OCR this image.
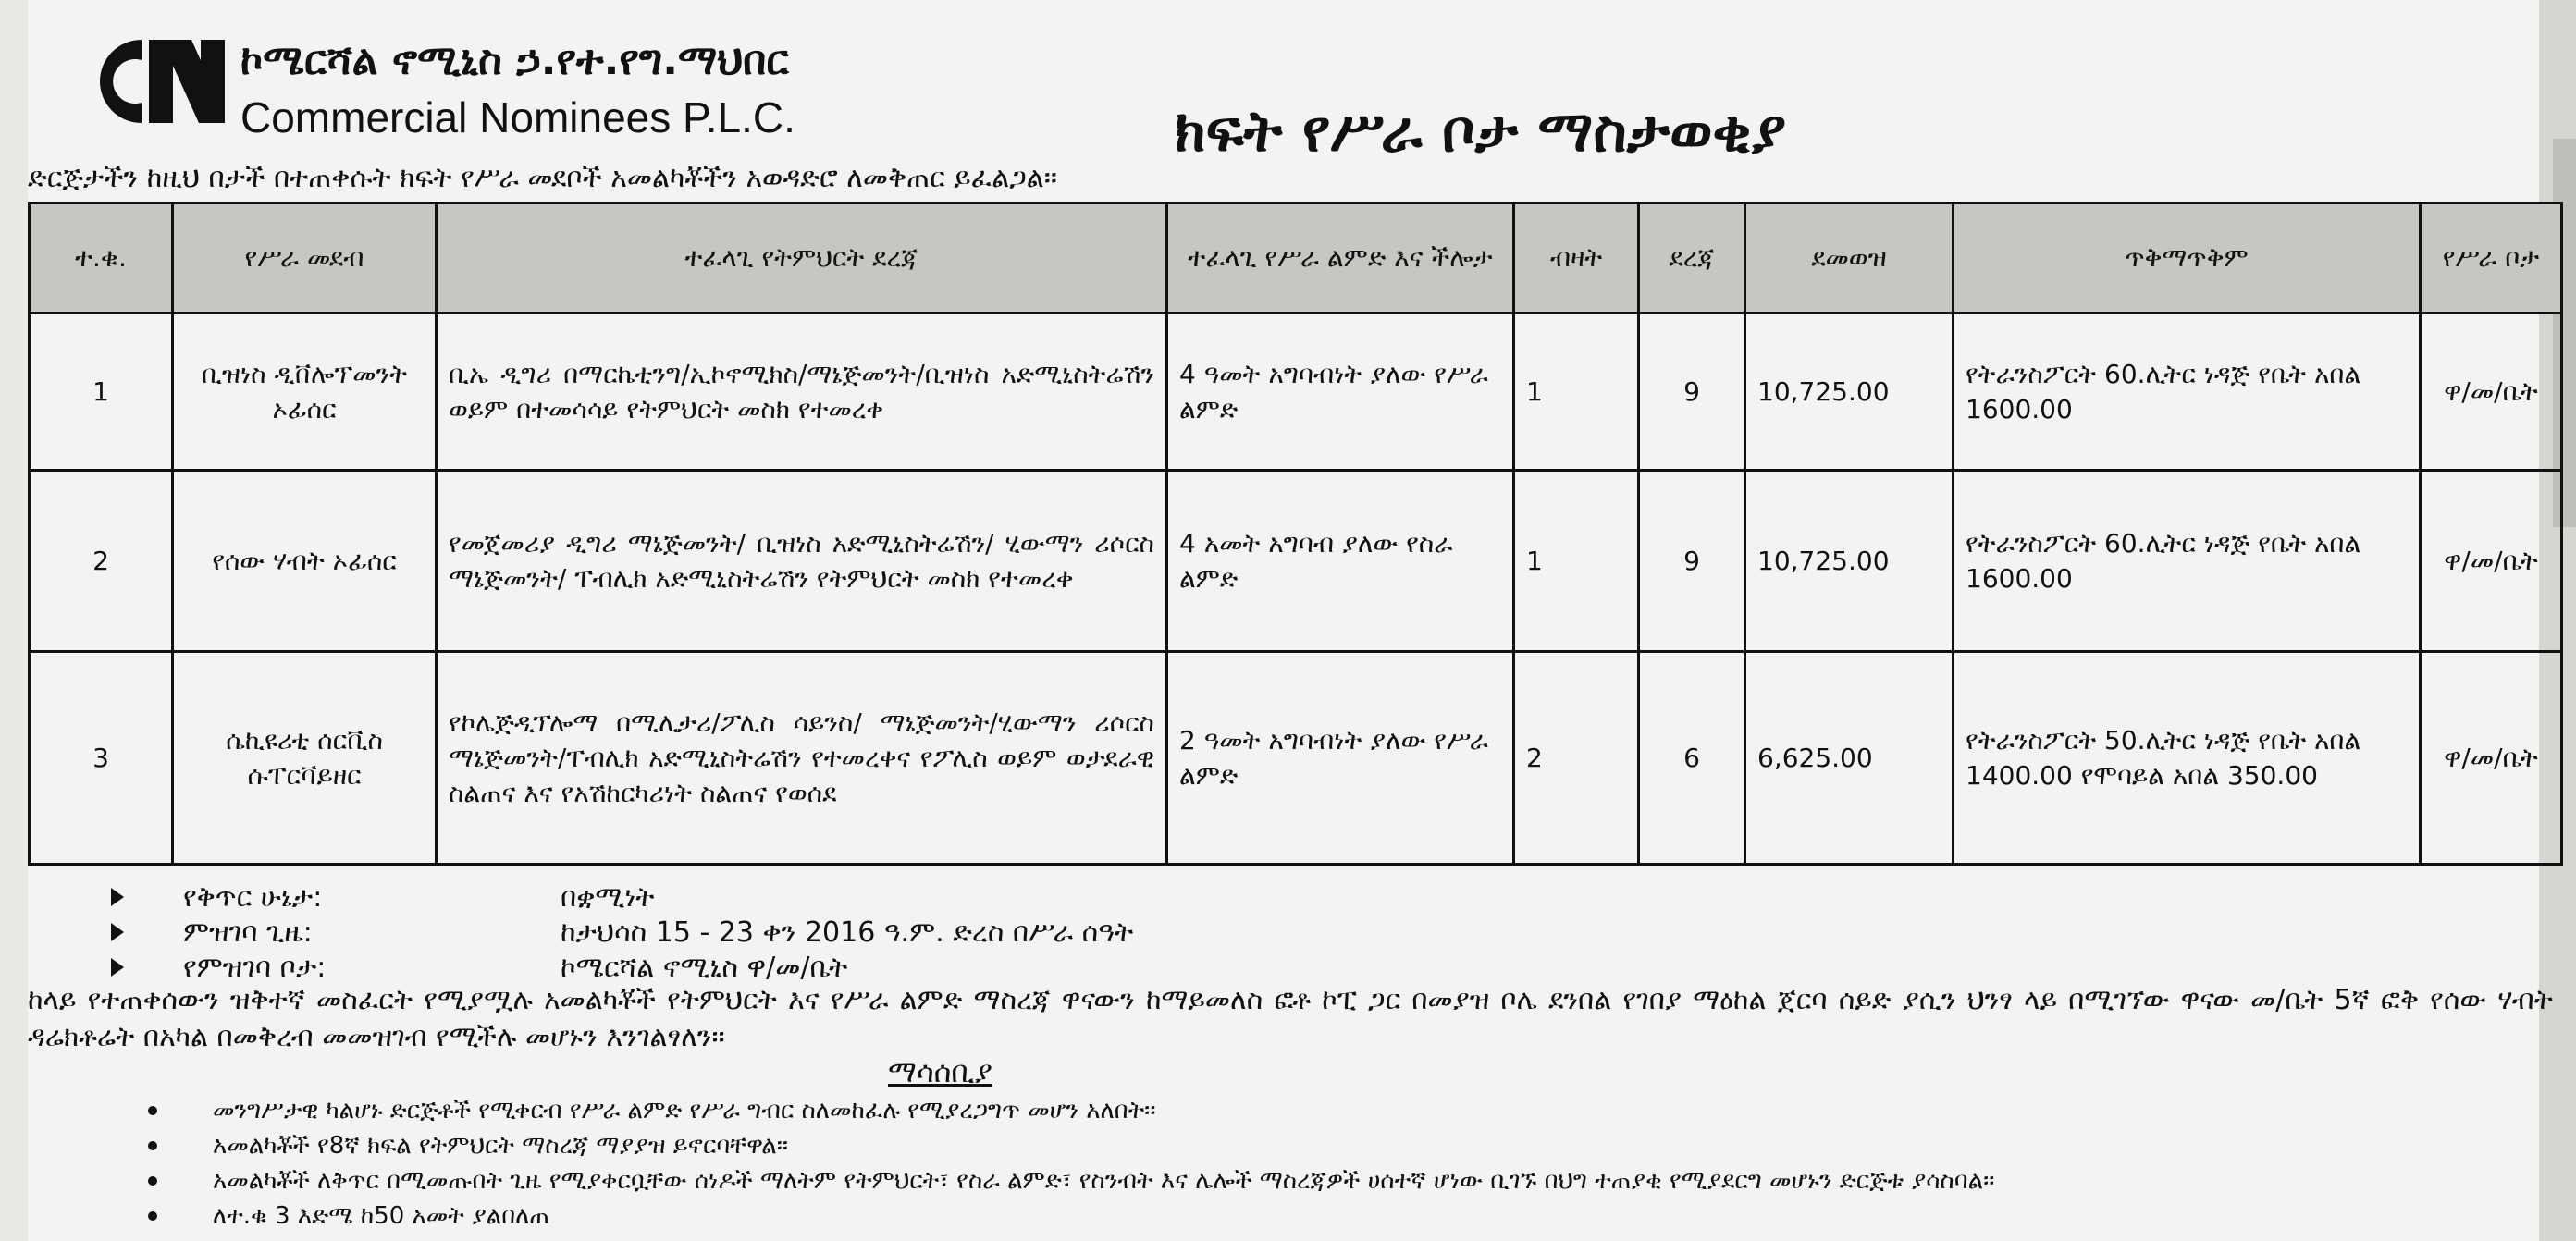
ኮሜርሻል ኖሚኒስ ኃ.የተ.የግ.ማህበር
Commercial Nominees P.L.C.	ክፍት የሥራ ቦታ ማስታወቂያ
ድርጅታችን ከዚህ በታች በተጠቀሱት ክፍት የሥራ መደቦች አመልካቾችን አወዳድሮ ለመቅጠር ይፈልጋል፡፡
ተ.ቁ.	የሥራ መደብ	ተፈላጊ የትምህርት ደረጃ	ተፈላጊ የሥራ ልምድ እና ችሎታ	ብዛት	ደረጃ	ደመወዝ	ጥቅማጥቅም	የሥራ ቦታ
1	ቢዝነስ ዲቨሎፕመንት ኦፊሰር	ቢኤ ዲግሪ በማርኬቲንግ/ኢኮኖሚክስ/ማኔጅመንት/ቢዝነስ አድሚኒስትሬሽን ወይም በተመሳሳይ የትምህርት መስክ የተመረቀ	4 ዓመት አግባብነት ያለው የሥራ ልምድ	1	9	10,725.00	የትራንስፖርት 60.ሊትር ነዳጅ የቤት አበል 1600.00	ዋ/መ/ቤት
2	የሰው ሃብት ኦፊሰር	የመጀመሪያ ዲግሪ ማኔጅመንት/ ቢዝነስ አድሚኒስትሬሽን/ ሂውማን ሪሶርስ ማኔጅመንት/ ፐብሊክ አድሚኒስትሬሽን የትምህርት መስክ የተመረቀ	4 አመት አግባብ ያለው የስራ ልምድ	1	9	10,725.00	የትራንስፖርት 60.ሊትር ነዳጅ የቤት አበል 1600.00	ዋ/መ/ቤት
3	ሴኪዩሪቲ ሰርቪስ ሱፐርቫይዘር	የኮሌጅዲፕሎማ በሚሊታሪ/ፖሊስ ሳይንስ/ ማኔጅመንት/ሂውማን ሪሶርስ ማኔጅመንት/ፐብሊክ አድሚኒስትሬሽን የተመረቀና የፖሊስ ወይም ወታደራዊ ስልጠና እና የአሽከርካሪነት ስልጠና የወሰደ	2 ዓመት አግባብነት ያለው የሥራ ልምድ	2	6	6,625.00	የትራንስፖርት 50.ሊትር ነዳጅ የቤት አበል 1400.00 የሞባይል አበል 350.00	ዋ/መ/ቤት
የቅጥር ሁኔታ:	በቋሚነት
ምዝገባ ጊዜ:	ከታህሳስ 15 - 23 ቀን 2016 ዓ.ም. ድረስ በሥራ ሰዓት
የምዝገባ ቦታ:	ኮሜርሻል ኖሚኒስ ዋ/መ/ቤት
ከላይ የተጠቀሰውን ዝቅተኛ መስፈርት የሚያሟሉ አመልካቾች የትምህርት እና የሥራ ልምድ ማስረጃ ዋናውን ከማይመለስ ፎቶ ኮፒ ጋር በመያዝ ቦሌ ደንበል የገበያ ማዕከል ጀርባ ሰይድ ያሲን ህንፃ ላይ በሚገኘው ዋናው መ/ቤት 5ኛ ፎቅ የሰው ሃብት ዳሬክቶሬት በአካል በመቅረብ መመዝገብ የሚችሉ መሆኑን እንገልፃለን፡፡
ማሳሰቢያ
መንግሥታዊ ካልሆኑ ድርጅቶች የሚቀርብ የሥራ ልምድ የሥራ ግብር ስለመከፈሉ የሚያረጋግጥ መሆን አለበት፡፡
አመልካቾች የ8ኛ ክፍል የትምህርት ማስረጃ ማያያዝ ይኖርባቸዋል፡፡
አመልካቾች ለቅጥር በሚመጡበት ጊዜ የሚያቀርቧቸው ሰነዶች ማለትም የትምህርት፣ የስራ ልምድ፣ የስንብት እና ሌሎች ማስረጃዎች ሀሰተኛ ሆነው ቢገኙ በህግ ተጠያቂ የሚያደርግ መሆኑን ድርጅቱ ያሳስባል፡፡
ለተ.ቁ 3 እድሜ ከ50 አመት ያልበለጠ
